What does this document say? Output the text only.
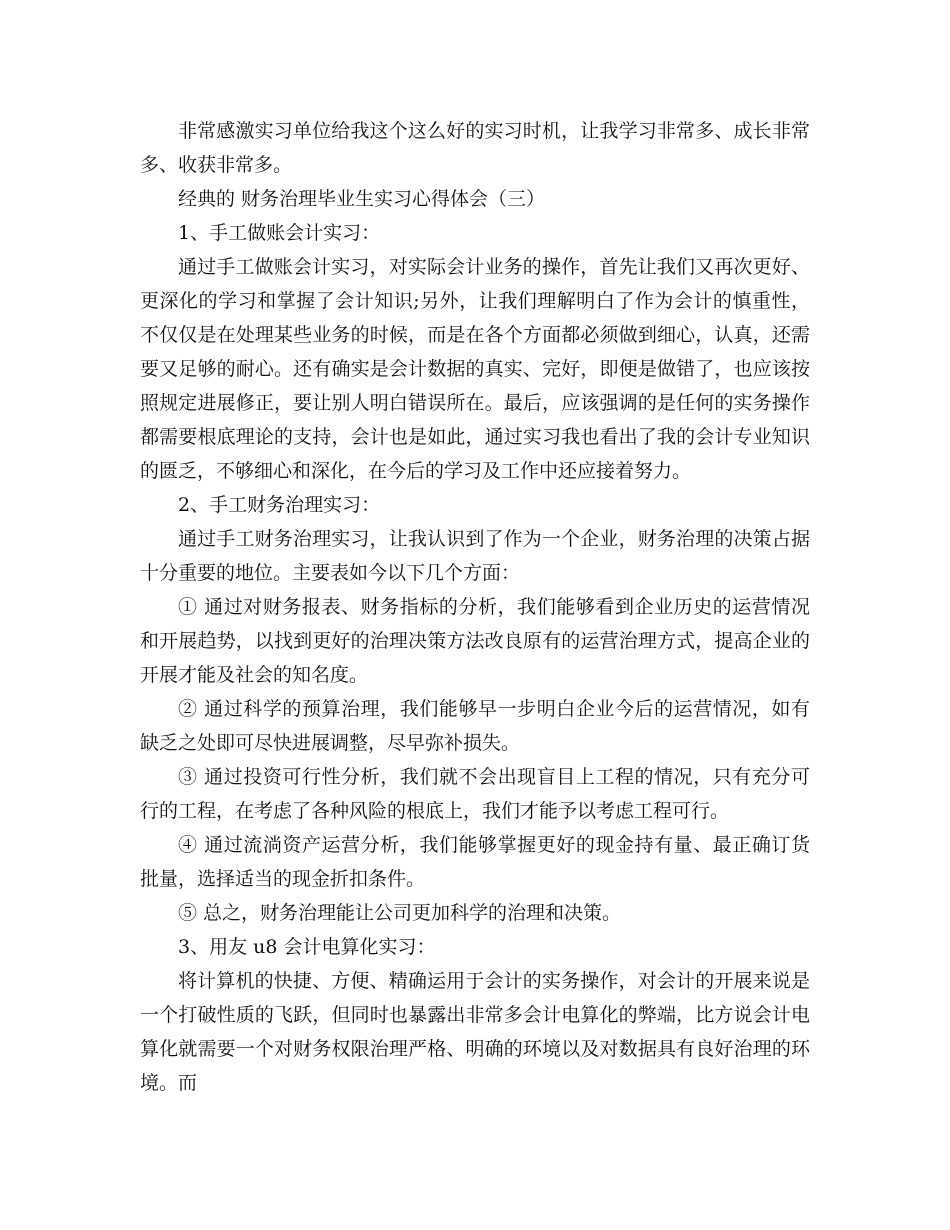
非常感激实习单位给我这个这么好的实习时机，让我学习非常多、成长非常多、收获非常多。

经典的 财务治理毕业生实习心得体会（三）

1、手工做账会计实习：

通过手工做账会计实习，对实际会计业务的操作，首先让我们又再次更好、更深化的学习和掌握了会计知识;另外，让我们理解明白了作为会计的慎重性，不仅仅是在处理某些业务的时候，而是在各个方面都必须做到细心，认真，还需要又足够的耐心。还有确实是会计数据的真实、完好，即便是做错了，也应该按照规定进展修正，要让别人明白错误所在。最后，应该强调的是任何的实务操作都需要根底理论的支持，会计也是如此，通过实习我也看出了我的会计专业知识的匮乏，不够细心和深化，在今后的学习及工作中还应接着努力。

2、手工财务治理实习：

通过手工财务治理实习，让我认识到了作为一个企业，财务治理的决策占据十分重要的地位。主要表如今以下几个方面：

① 通过对财务报表、财务指标的分析，我们能够看到企业历史的运营情况和开展趋势，以找到更好的治理决策方法改良原有的运营治理方式，提高企业的开展才能及社会的知名度。

② 通过科学的预算治理，我们能够早一步明白企业今后的运营情况，如有缺乏之处即可尽快进展调整，尽早弥补损失。

③ 通过投资可行性分析，我们就不会出现盲目上工程的情况，只有充分可行的工程，在考虑了各种风险的根底上，我们才能予以考虑工程可行。

④ 通过流淌资产运营分析，我们能够掌握更好的现金持有量、最正确订货批量，选择适当的现金折扣条件。

⑤ 总之，财务治理能让公司更加科学的治理和决策。

3、用友 u8 会计电算化实习：

将计算机的快捷、方便、精确运用于会计的实务操作，对会计的开展来说是一个打破性质的飞跃，但同时也暴露出非常多会计电算化的弊端，比方说会计电算化就需要一个对财务权限治理严格、明确的环境以及对数据具有良好治理的环境。而
